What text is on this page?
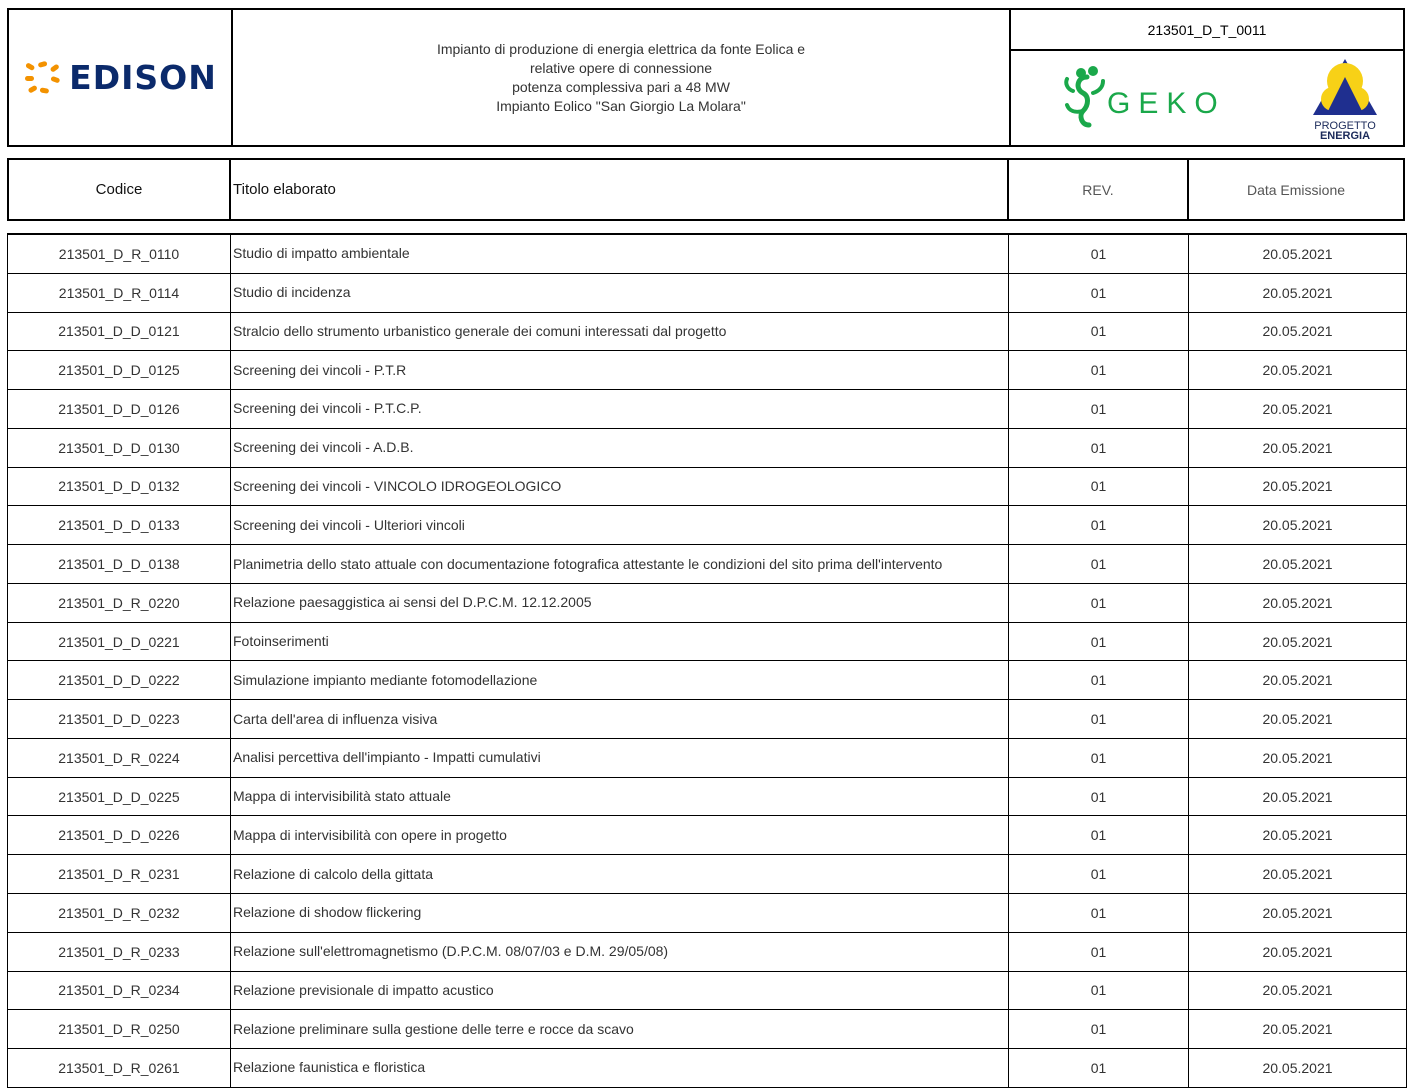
EDISON
Impianto di produzione di energia elettrica da fonte Eolica e
relative opere di connessione
potenza complessiva pari a 48 MW
Impianto Eolico "San Giorgio La Molara"
213501_D_T_0011
GEKO
PROGETTO
ENERGIA
Codice	Titolo elaborato	REV.	Data Emissione
213501_D_R_0110	Studio di impatto ambientale	01	20.05.2021
213501_D_R_0114	Studio di incidenza	01	20.05.2021
213501_D_D_0121	Stralcio dello strumento urbanistico generale dei comuni interessati dal progetto	01	20.05.2021
213501_D_D_0125	Screening dei vincoli - P.T.R	01	20.05.2021
213501_D_D_0126	Screening dei vincoli - P.T.C.P.	01	20.05.2021
213501_D_D_0130	Screening dei vincoli - A.D.B.	01	20.05.2021
213501_D_D_0132	Screening dei vincoli - VINCOLO IDROGEOLOGICO	01	20.05.2021
213501_D_D_0133	Screening dei vincoli - Ulteriori vincoli	01	20.05.2021
213501_D_D_0138	Planimetria dello stato attuale con documentazione fotografica attestante le condizioni del sito prima dell'intervento	01	20.05.2021
213501_D_R_0220	Relazione paesaggistica ai sensi del D.P.C.M. 12.12.2005	01	20.05.2021
213501_D_D_0221	Fotoinserimenti	01	20.05.2021
213501_D_D_0222	Simulazione impianto mediante fotomodellazione	01	20.05.2021
213501_D_D_0223	Carta dell'area di influenza visiva	01	20.05.2021
213501_D_R_0224	Analisi percettiva dell'impianto - Impatti cumulativi	01	20.05.2021
213501_D_D_0225	Mappa di intervisibilità stato attuale	01	20.05.2021
213501_D_D_0226	Mappa di intervisibilità con opere in progetto	01	20.05.2021
213501_D_R_0231	Relazione di calcolo della gittata	01	20.05.2021
213501_D_R_0232	Relazione di shodow flickering	01	20.05.2021
213501_D_R_0233	Relazione sull'elettromagnetismo (D.P.C.M. 08/07/03 e D.M. 29/05/08)	01	20.05.2021
213501_D_R_0234	Relazione previsionale di impatto acustico	01	20.05.2021
213501_D_R_0250	Relazione preliminare sulla gestione delle terre e rocce da scavo	01	20.05.2021
213501_D_R_0261	Relazione faunistica e floristica	01	20.05.2021
